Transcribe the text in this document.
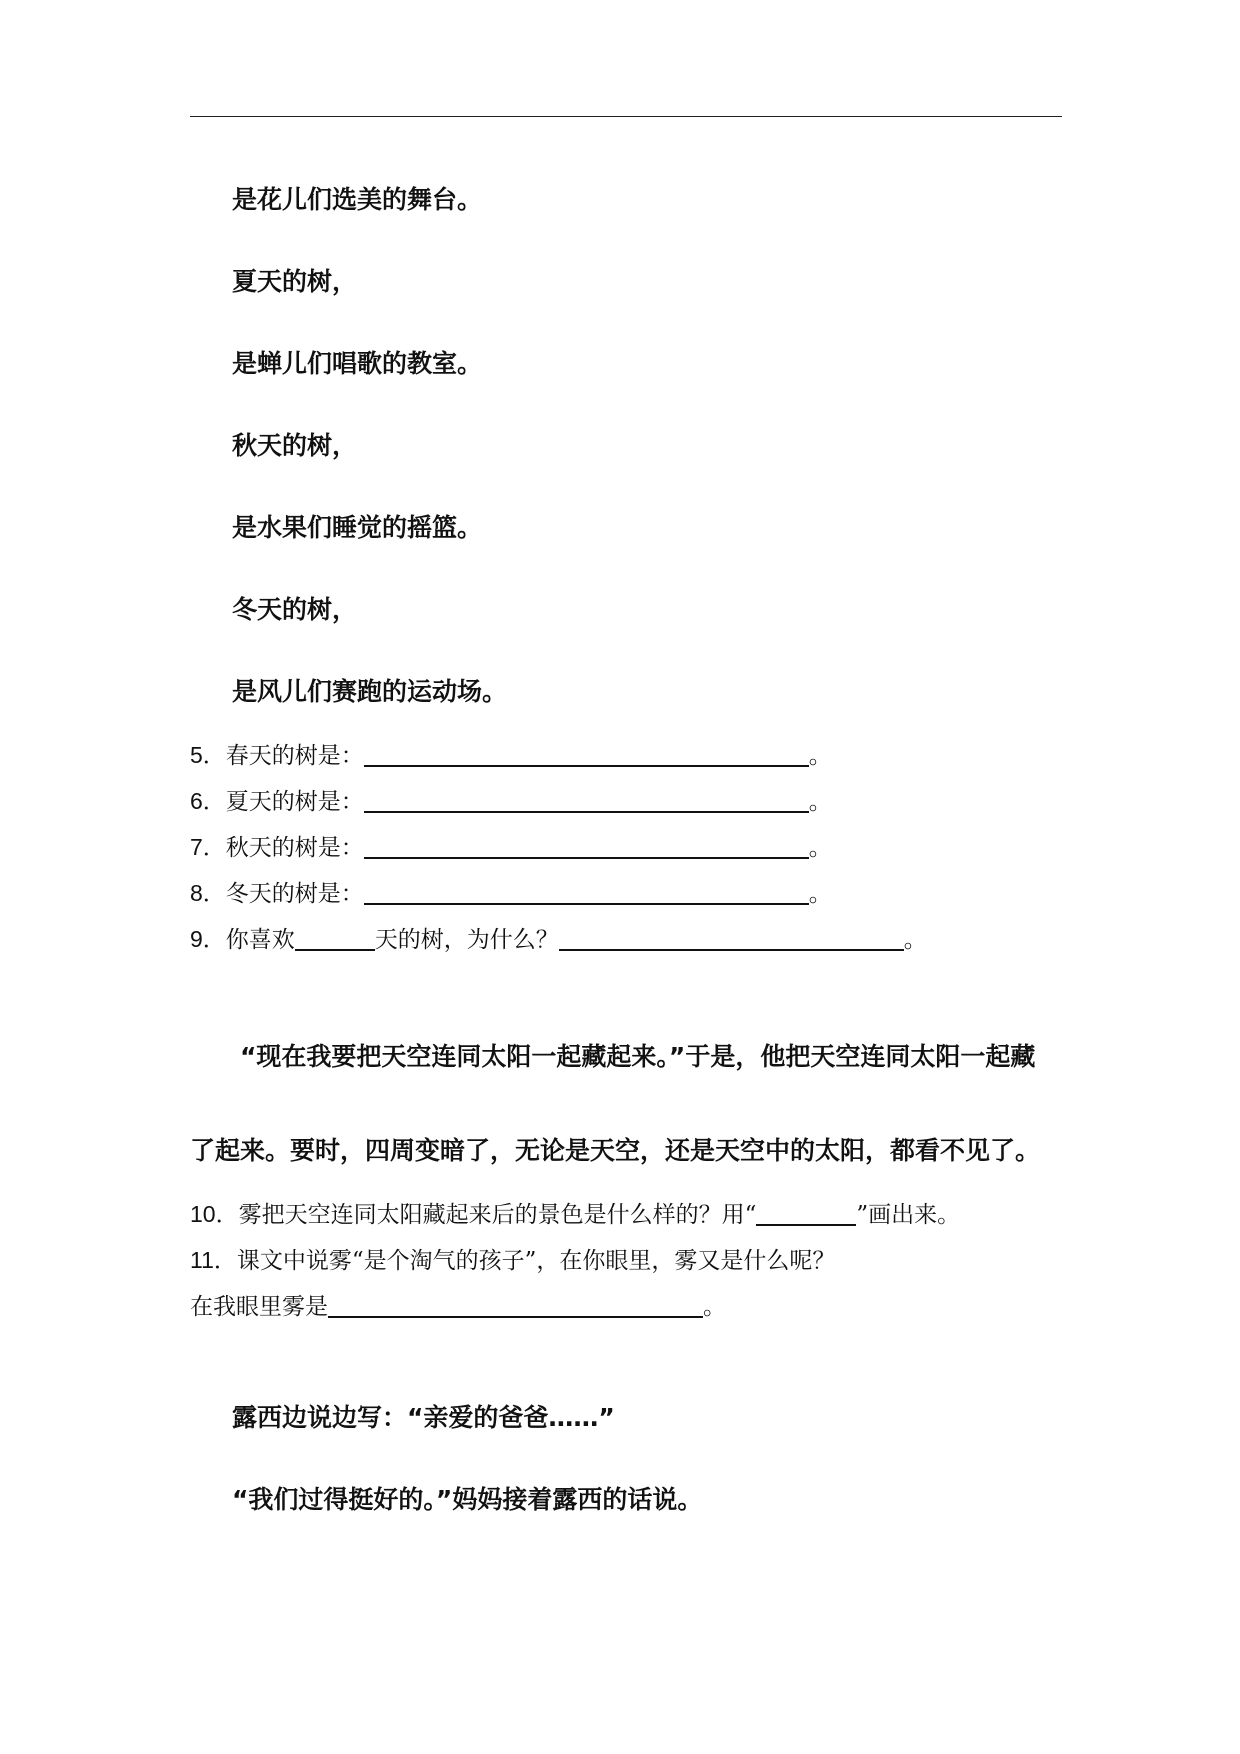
是花儿们选美的舞台。
夏天的树，
是蝉儿们唱歌的教室。
秋天的树，
是水果们睡觉的摇篮。
冬天的树，
是风儿们赛跑的运动场。
5．春天的树是：	。
6．夏天的树是：	。
7．秋天的树是：	。
8．冬天的树是：	。
9．你喜欢	天的树，为什么？	。
“现在我要把天空连同太阳一起藏起来。”于是，他把天空连同太阳一起藏
了起来。要时，四周变暗了，无论是天空，还是天空中的太阳，都看不见了。
10．雾把天空连同太阳藏起来后的景色是什么样的？用“	”画出来。
11．课文中说雾“是个淘气的孩子”，在你眼里，雾又是什么呢？
在我眼里雾是	。
露西边说边写：“亲爱的爸爸……”
“我们过得挺好的。”妈妈接着露西的话说。
